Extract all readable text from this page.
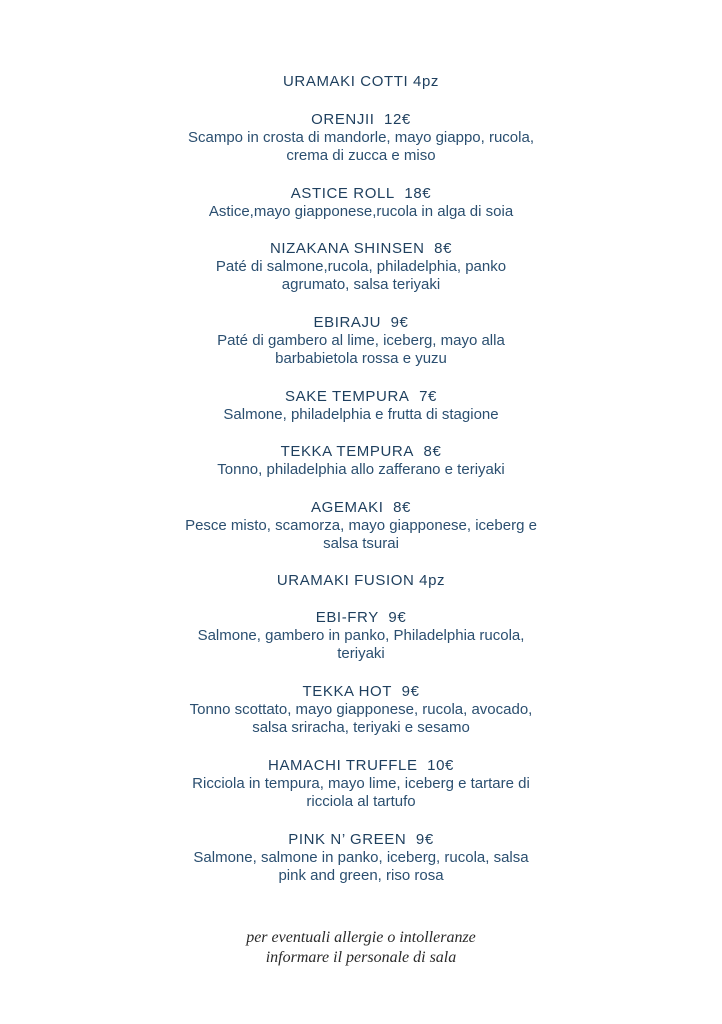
URAMAKI COTTI 4pz
ORENJII 12€
Scampo in crosta di mandorle, mayo giappo, rucola,
crema di zucca e miso
ASTICE ROLL 18€
Astice,mayo giapponese,rucola in alga di soia
NIZAKANA SHINSEN 8€
Paté di salmone,rucola, philadelphia, panko
agrumato, salsa teriyaki
EBIRAJU 9€
Paté di gambero al lime, iceberg, mayo alla
barbabietola rossa e yuzu
SAKE TEMPURA 7€
Salmone, philadelphia e frutta di stagione
TEKKA TEMPURA 8€
Tonno, philadelphia allo zafferano e teriyaki
AGEMAKI 8€
Pesce misto, scamorza, mayo giapponese, iceberg e
salsa tsurai
URAMAKI FUSION 4pz
EBI-FRY 9€
Salmone, gambero in panko, Philadelphia rucola,
teriyaki
TEKKA HOT 9€
Tonno scottato, mayo giapponese, rucola, avocado,
salsa sriracha, teriyaki e sesamo
HAMACHI TRUFFLE 10€
Ricciola in tempura, mayo lime, iceberg e tartare di
ricciola al tartufo
PINK N’ GREEN 9€
Salmone, salmone in panko, iceberg, rucola, salsa
pink and green, riso rosa
per eventuali allergie o intolleranze
informare il personale di sala
